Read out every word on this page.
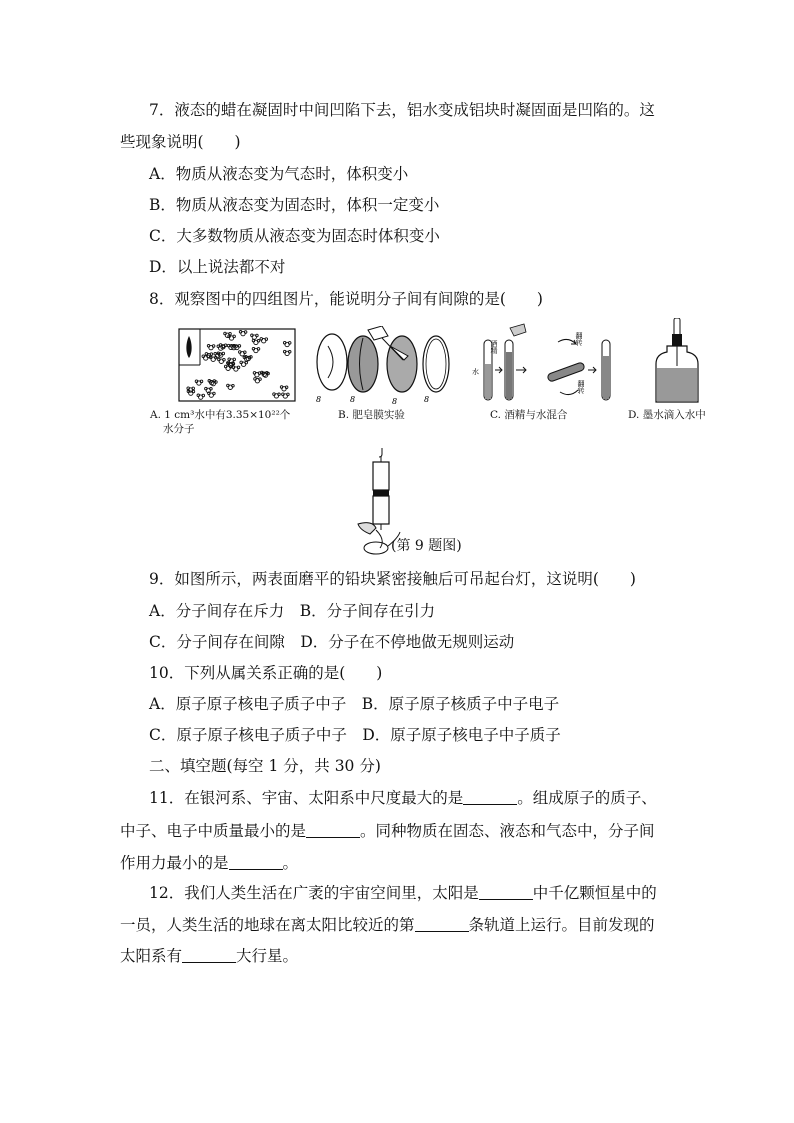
7．液态的蜡在凝固时中间凹陷下去，铝水变成铝块时凝固面是凹陷的。这
些现象说明(　　)
A．物质从液态变为气态时，体积变小
B．物质从液态变为固态时，体积一定变小
C．大多数物质从液态变为固态时体积变小
D．以上说法都不对
8．观察图中的四组图片，能说明分子间有间隙的是(　　)
A. 1 cm³水中有3.35×10²²个
水分子
8	8	8	8
B. 肥皂膜实验
酒精
水
翻转
翻转
C. 酒精与水混合	D. 墨水滴入水中
(第 9 题图)
9．如图所示，两表面磨平的铅块紧密接触后可吊起台灯，这说明(　　)
A．分子间存在斥力　B．分子间存在引力
C．分子间存在间隙　D．分子在不停地做无规则运动
10．下列从属关系正确的是(　　)
A．原子原子核电子质子中子　B．原子原子核质子中子电子
C．原子原子核电子质子中子　D．原子原子核电子中子质子
二、填空题(每空 1 分，共 30 分)
11．在银河系、宇宙、太阳系中尺度最大的是	。组成原子的质子、
中子、电子中质量最小的是	。同种物质在固态、液态和气态中，分子间
作用力最小的是	。
12．我们人类生活在广袤的宇宙空间里，太阳是	中千亿颗恒星中的
一员，人类生活的地球在离太阳比较近的第	条轨道上运行。目前发现的
太阳系有	大行星。
